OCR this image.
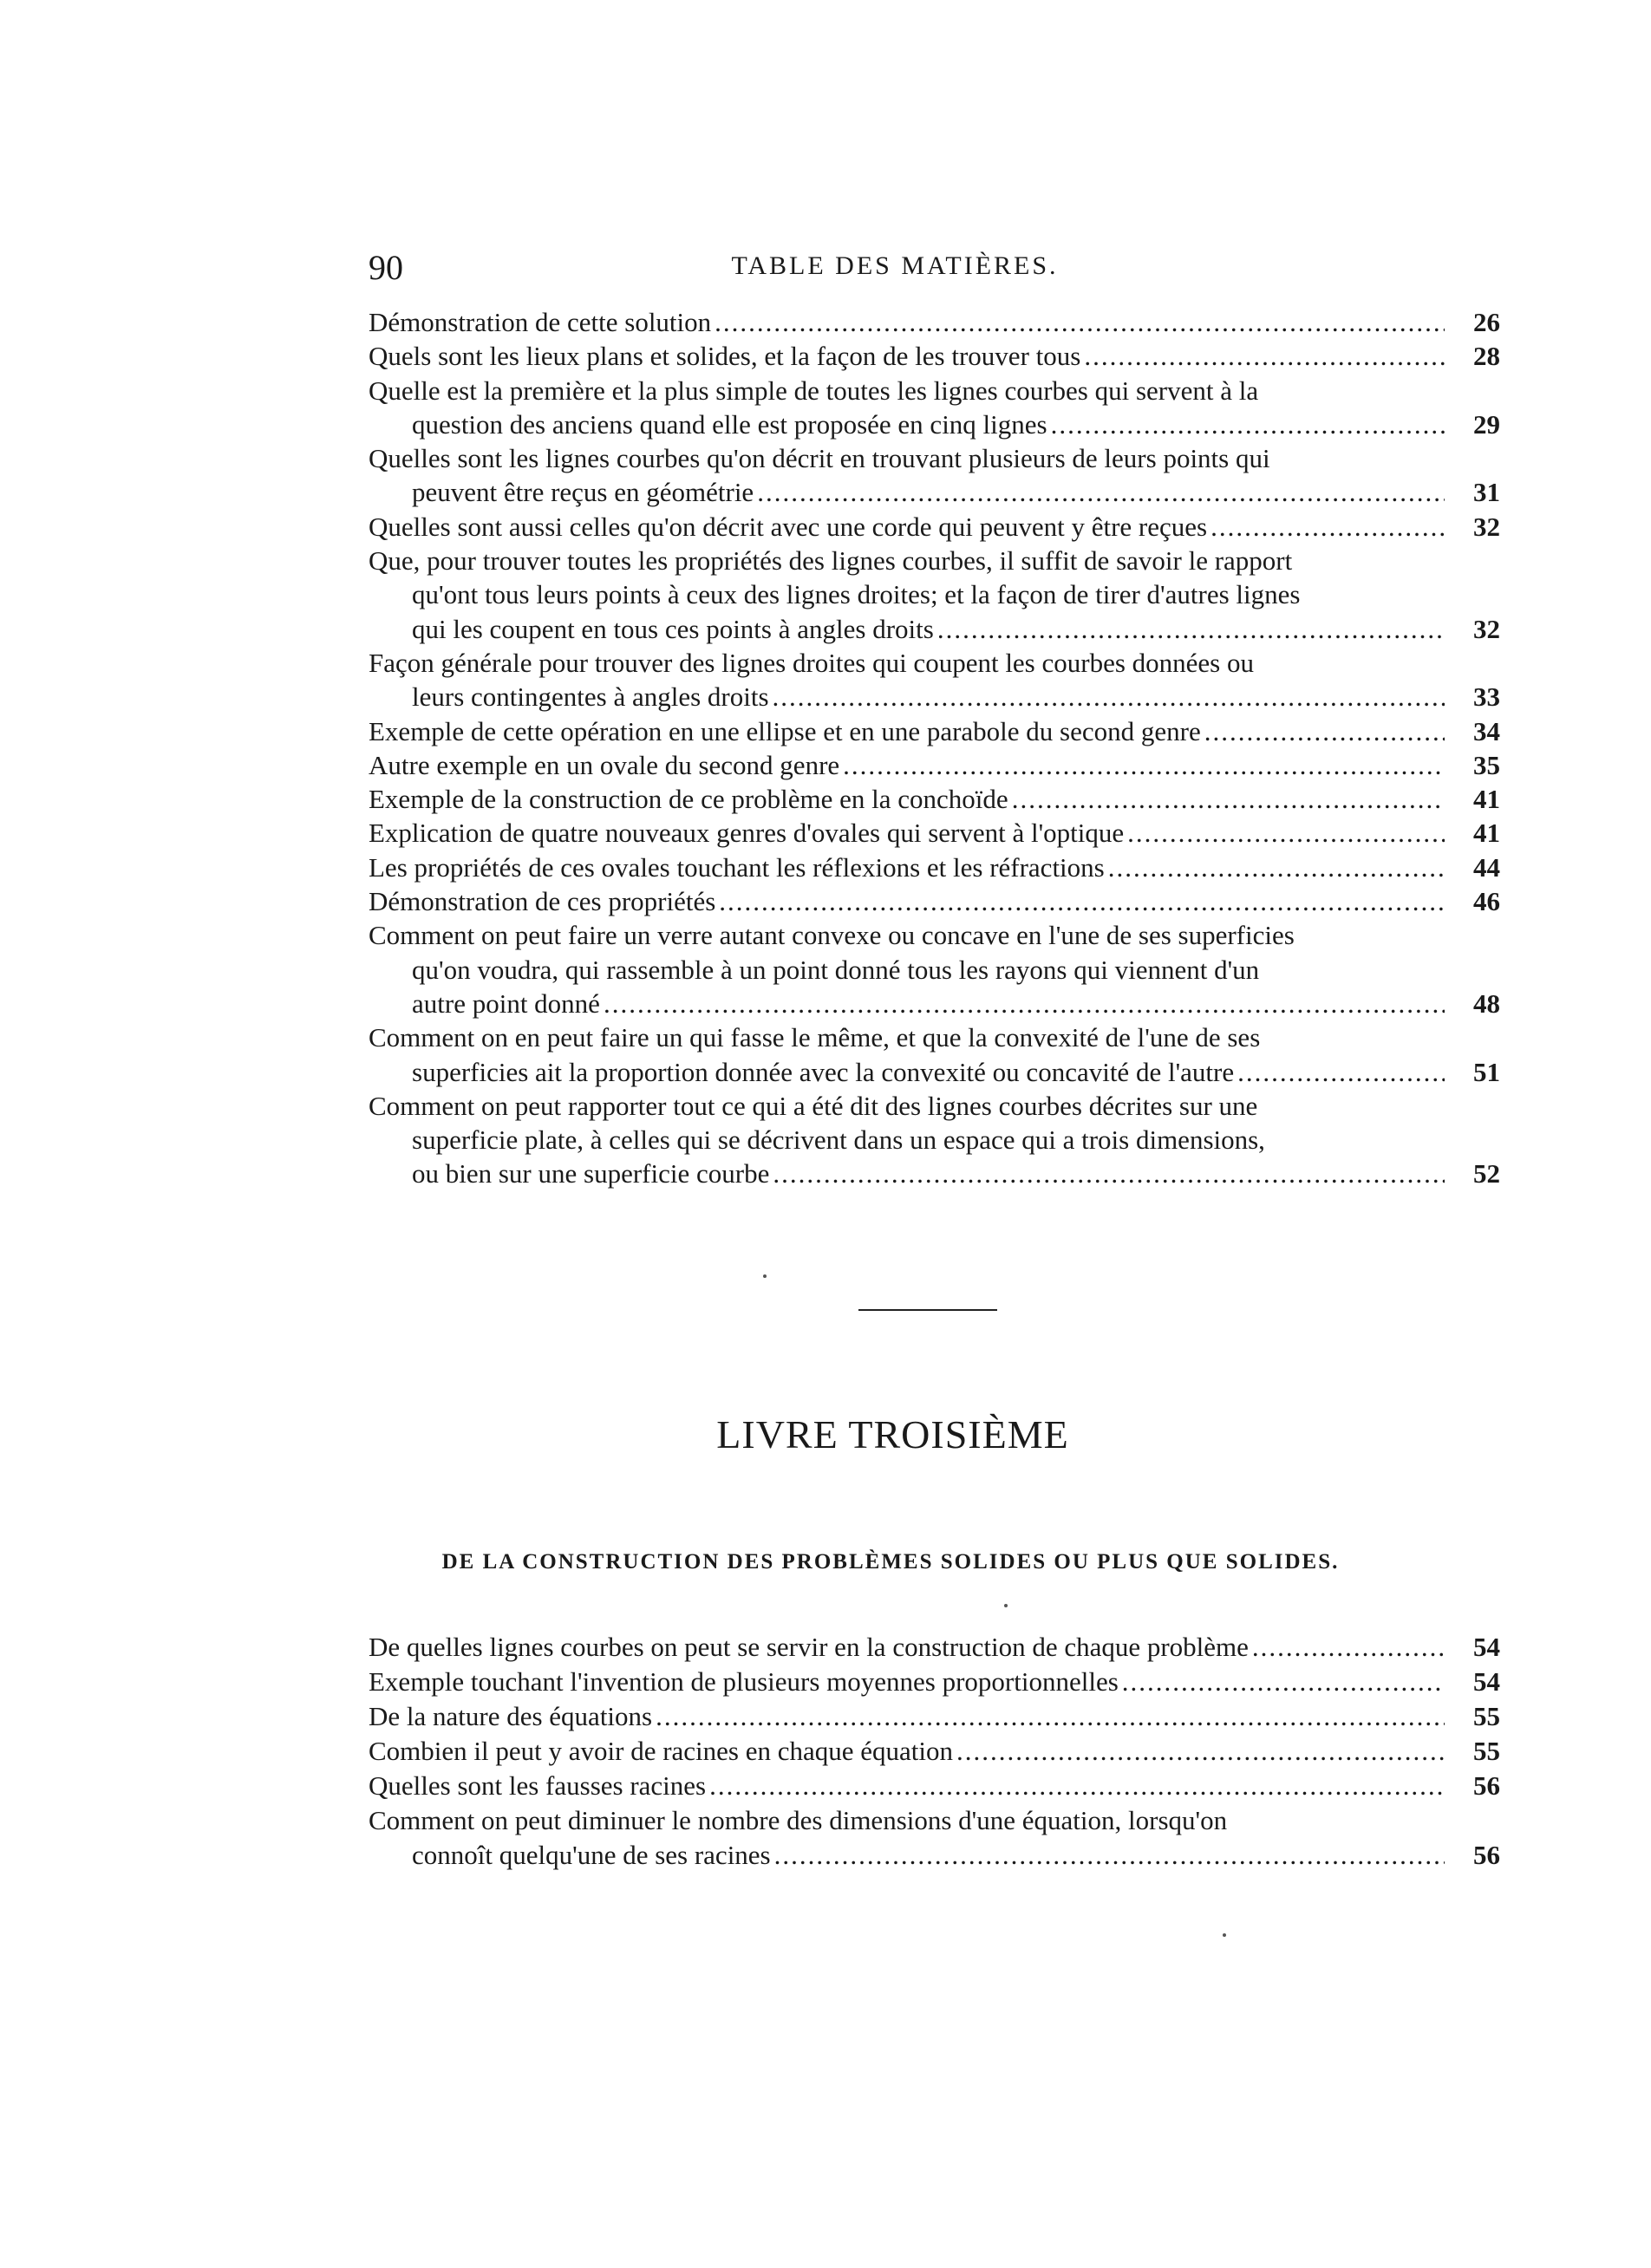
90	TABLE DES MATIÈRES.
Démonstration de cette solution .....	26
Quels sont les lieux plans et solides, et la façon de les trouver tous .....	28
Quelle est la première et la plus simple de toutes les lignes courbes qui servent à la
question des anciens quand elle est proposée en cinq lignes .....	29
Quelles sont les lignes courbes qu'on décrit en trouvant plusieurs de leurs points qui
peuvent être reçus en géométrie .....	31
Quelles sont aussi celles qu'on décrit avec une corde qui peuvent y être reçues .....	32
Que, pour trouver toutes les propriétés des lignes courbes, il suffit de savoir le rapport
qu'ont tous leurs points à ceux des lignes droites; et la façon de tirer d'autres lignes
qui les coupent en tous ces points à angles droits .....	32
Façon générale pour trouver des lignes droites qui coupent les courbes données ou
leurs contingentes à angles droits .....	33
Exemple de cette opération en une ellipse et en une parabole du second genre .....	34
Autre exemple en un ovale du second genre .....	35
Exemple de la construction de ce problème en la conchoïde .....	41
Explication de quatre nouveaux genres d'ovales qui servent à l'optique .....	41
Les propriétés de ces ovales touchant les réflexions et les réfractions .....	44
Démonstration de ces propriétés .....	46
Comment on peut faire un verre autant convexe ou concave en l'une de ses superficies
qu'on voudra, qui rassemble à un point donné tous les rayons qui viennent d'un
autre point donné .....	48
Comment on en peut faire un qui fasse le même, et que la convexité de l'une de ses
superficies ait la proportion donnée avec la convexité ou concavité de l'autre .....	51
Comment on peut rapporter tout ce qui a été dit des lignes courbes décrites sur une
superficie plate, à celles qui se décrivent dans un espace qui a trois dimensions,
ou bien sur une superficie courbe .....	52
LIVRE TROISIÈME
DE LA CONSTRUCTION DES PROBLÈMES SOLIDES OU PLUS QUE SOLIDES.
De quelles lignes courbes on peut se servir en la construction de chaque problème .....	54
Exemple touchant l'invention de plusieurs moyennes proportionnelles .....	54
De la nature des équations .....	55
Combien il peut y avoir de racines en chaque équation .....	55
Quelles sont les fausses racines .....	56
Comment on peut diminuer le nombre des dimensions d'une équation, lorsqu'on
connoît quelqu'une de ses racines .....	56
